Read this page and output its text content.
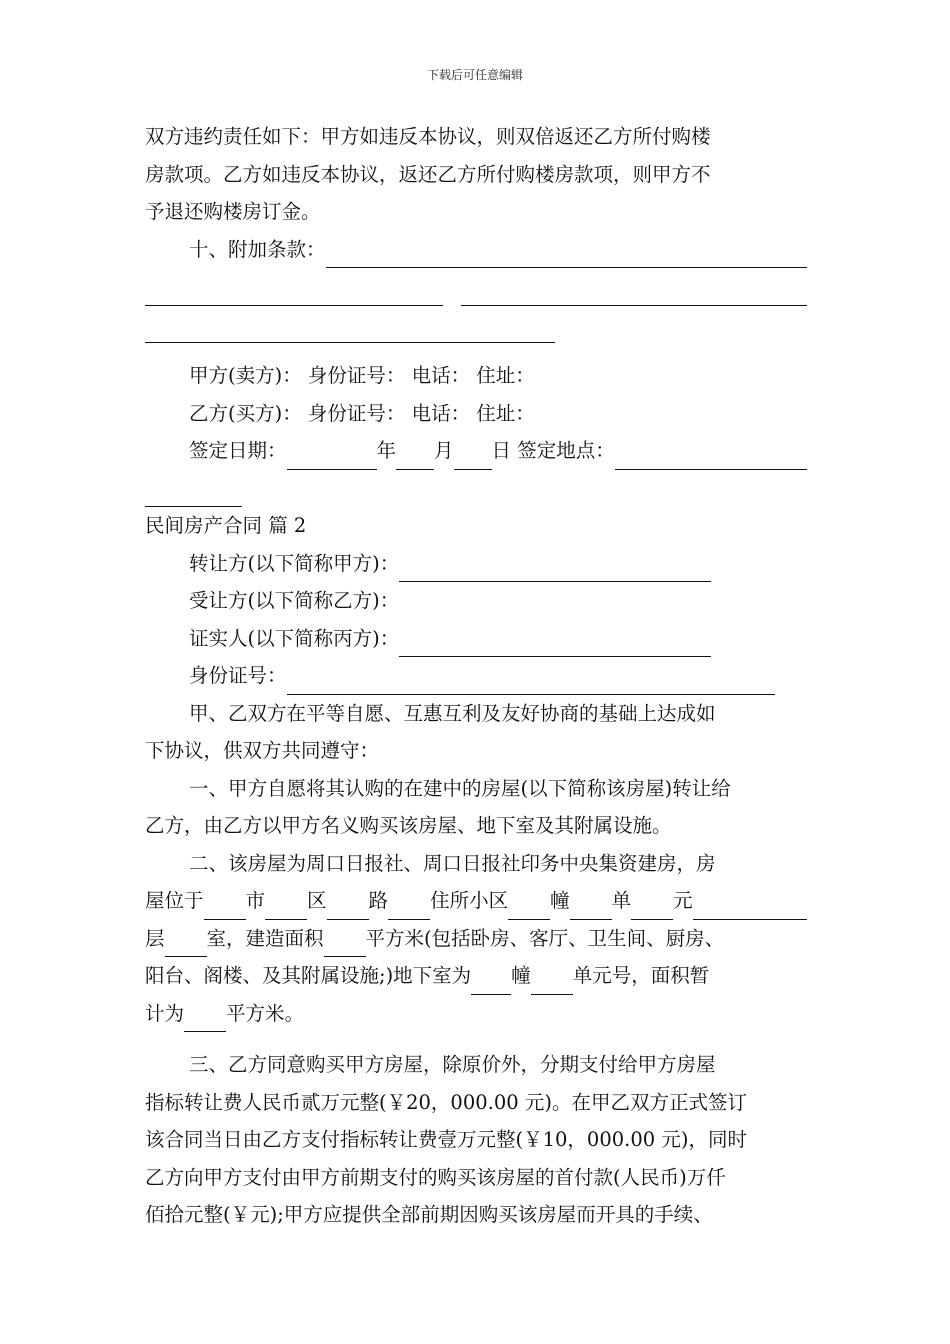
下载后可任意编辑
双方违约责任如下：甲方如违反本协议，则双倍返还乙方所付购楼
房款项。乙方如违反本协议，返还乙方所付购楼房款项，则甲方不
予退还购楼房订金。
十、附加条款：
甲方(卖方)： 身份证号： 电话： 住址：
乙方(买方)： 身份证号： 电话： 住址：
签定日期：	年 月 日 签定地点：
民间房产合同 篇 2
转让方(以下简称甲方)：
受让方(以下简称乙方)：
证实人(以下简称丙方)：
身份证号：
甲、乙双方在平等自愿、互惠互利及友好协商的基础上达成如
下协议，供双方共同遵守：
一、甲方自愿将其认购的在建中的房屋(以下简称该房屋)转让给
乙方，由乙方以甲方名义购买该房屋、地下室及其附属设施。
二、该房屋为周口日报社、周口日报社印务中央集资建房，房
屋位于 市 区 路 住所小区 幢 单 元
层 室，建造面积 平方米(包括卧房、客厅、卫生间、厨房、
阳台、阁楼、及其附属设施;)地下室为 幢 单元号，面积暂
计为 平方米。
三、乙方同意购买甲方房屋，除原价外，分期支付给甲方房屋
指标转让费人民币贰万元整(￥20，000.00 元)。在甲乙双方正式签订
该合同当日由乙方支付指标转让费壹万元整(￥10，000.00 元)，同时
乙方向甲方支付由甲方前期支付的购买该房屋的首付款(人民币)万仟
佰拾元整(￥元);甲方应提供全部前期因购买该房屋而开具的手续、
